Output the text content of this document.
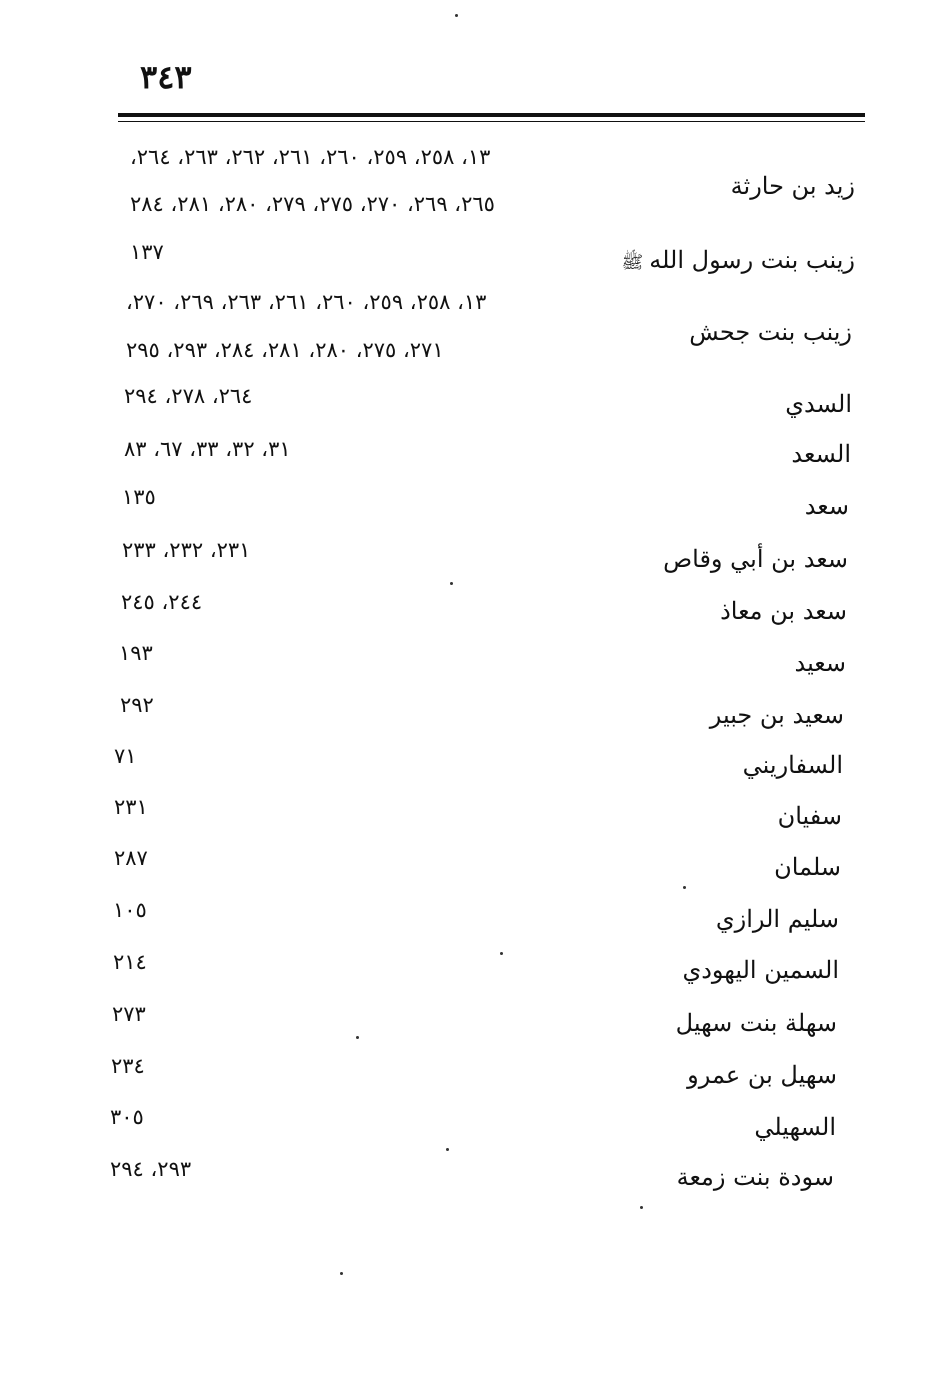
٣٤٣
زيد بن حارثة
١٣، ٢٥٨، ٢٥٩، ٢٦٠، ٢٦١، ٢٦٢، ٢٦٣، ٢٦٤،
٢٦٥، ٢٦٩، ٢٧٠، ٢٧٥، ٢٧٩، ٢٨٠، ٢٨١، ٢٨٤
زينب بنت رسول اللهﷺ
١٣٧
زينب بنت جحش
١٣، ٢٥٨، ٢٥٩، ٢٦٠، ٢٦١، ٢٦٣، ٢٦٩، ٢٧٠،
٢٧١، ٢٧٥، ٢٨٠، ٢٨١، ٢٨٤، ٢٩٣، ٢٩٥
السدي
٢٦٤، ٢٧٨، ٢٩٤
السعد
٣١، ٣٢، ٣٣، ٦٧، ٨٣
سعد
١٣٥
سعد بن أبي وقاص
٢٣١، ٢٣٢، ٢٣٣
سعد بن معاذ
٢٤٤، ٢٤٥
سعيد
١٩٣
سعيد بن جبير
٢٩٢
السفاريني
٧١
سفيان
٢٣١
سلمان
٢٨٧
سليم الرازي
١٠٥
السمين اليهودي
٢١٤
سهلة بنت سهيل
٢٧٣
سهيل بن عمرو
٢٣٤
السهيلي
٣٠٥
سودة بنت زمعة
٢٩٣، ٢٩٤
